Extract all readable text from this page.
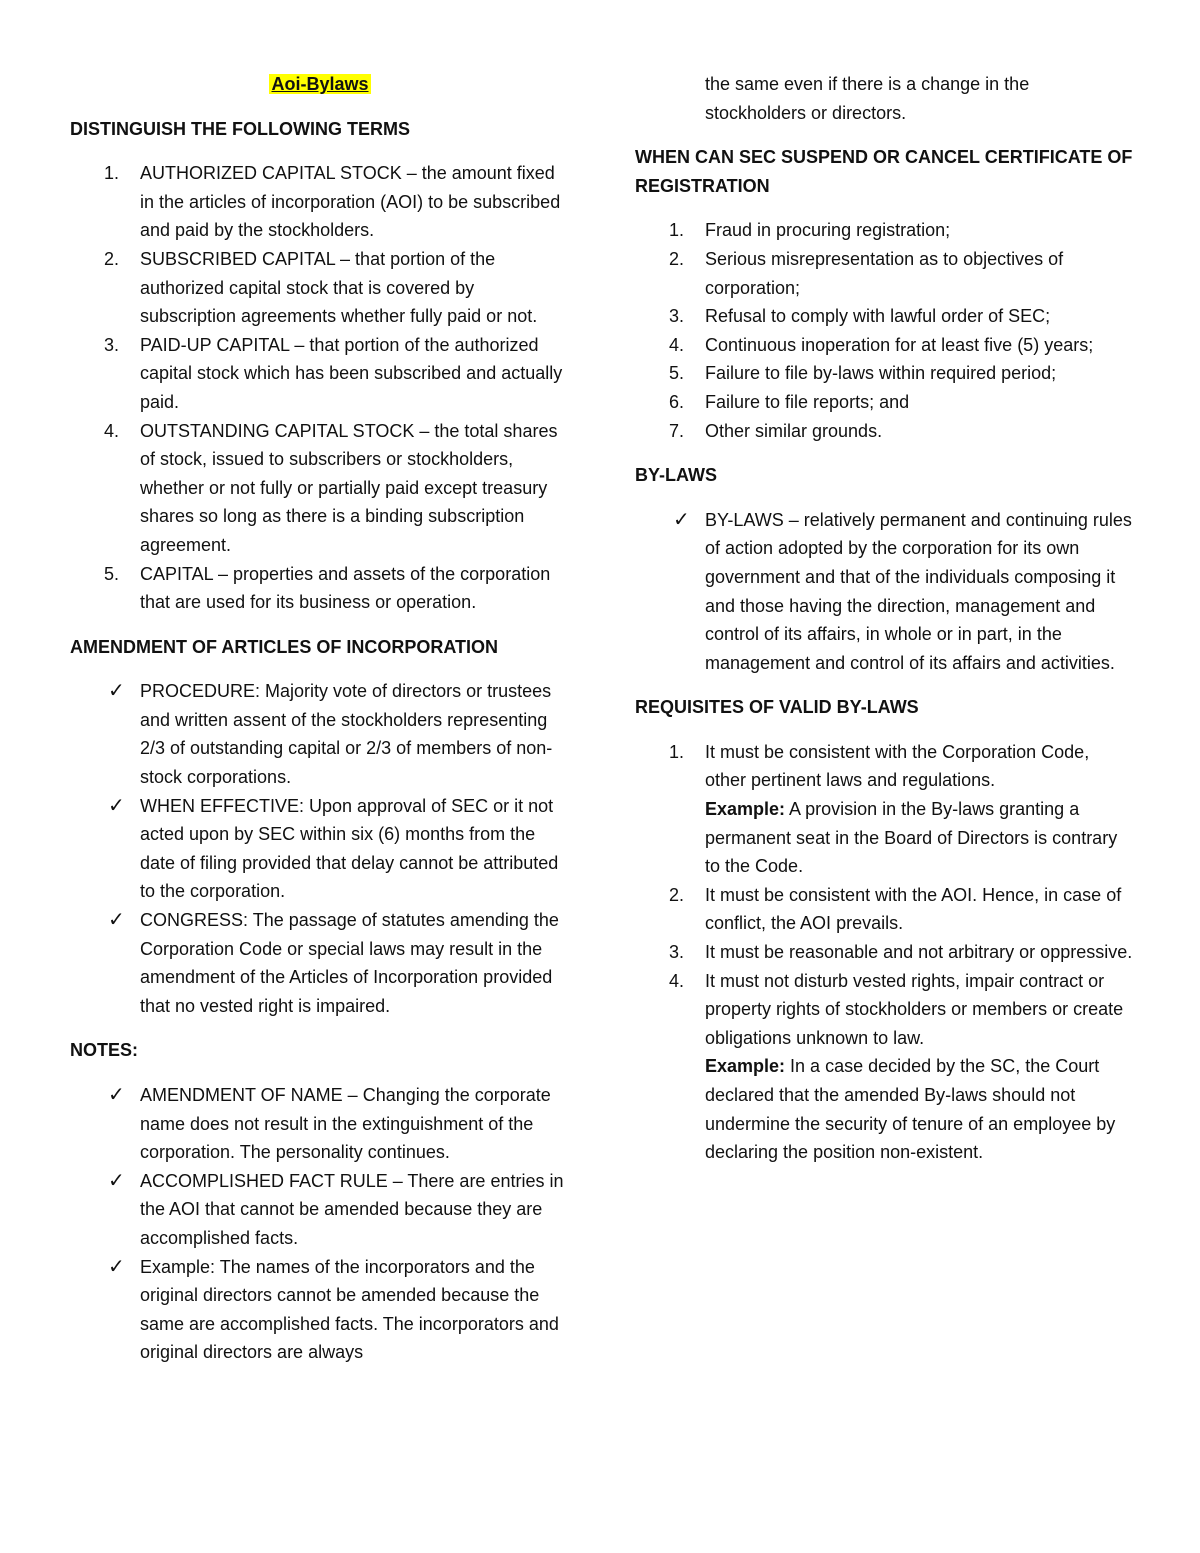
Aoi-Bylaws
DISTINGUISH THE FOLLOWING TERMS
1.	AUTHORIZED CAPITAL STOCK – the amount fixed in the articles of incorporation (AOI) to be subscribed and paid by the stockholders.
2.	SUBSCRIBED CAPITAL – that portion of the authorized capital stock that is covered by subscription agreements whether fully paid or not.
3.	PAID-UP CAPITAL – that portion of the authorized capital stock which has been subscribed and actually paid.
4.	OUTSTANDING CAPITAL STOCK – the total shares of stock, issued to subscribers or stockholders, whether or not fully or partially paid except treasury shares so long as there is a binding subscription agreement.
5.	CAPITAL – properties and assets of the corporation that are used for its business or operation.
AMENDMENT OF ARTICLES OF INCORPORATION
✓ PROCEDURE: Majority vote of directors or trustees and written assent of the stockholders representing 2/3 of outstanding capital or 2/3 of members of non-stock corporations.
✓ WHEN EFFECTIVE: Upon approval of SEC or it not acted upon by SEC within six (6) months from the date of filing provided that delay cannot be attributed to the corporation.
✓ CONGRESS: The passage of statutes amending the Corporation Code or special laws may result in the amendment of the Articles of Incorporation provided that no vested right is impaired.
NOTES:
✓ AMENDMENT OF NAME – Changing the corporate name does not result in the extinguishment of the corporation. The personality continues.
✓ ACCOMPLISHED FACT RULE – There are entries in the AOI that cannot be amended because they are accomplished facts.
✓ Example: The names of the incorporators and the original directors cannot be amended because the same are accomplished facts. The incorporators and original directors are always
the same even if there is a change in the stockholders or directors.
WHEN CAN SEC SUSPEND OR CANCEL CERTIFICATE OF REGISTRATION
1.	Fraud in procuring registration;
2.	Serious misrepresentation as to objectives of corporation;
3.	Refusal to comply with lawful order of SEC;
4.	Continuous inoperation for at least five (5) years;
5.	Failure to file by-laws within required period;
6.	Failure to file reports; and
7.	Other similar grounds.
BY-LAWS
✓ BY-LAWS – relatively permanent and continuing rules of action adopted by the corporation for its own government and that of the individuals composing it and those having the direction, management and control of its affairs, in whole or in part, in the management and control of its affairs and activities.
REQUISITES OF VALID BY-LAWS
1.	It must be consistent with the Corporation Code, other pertinent laws and regulations.
Example: A provision in the By-laws granting a permanent seat in the Board of Directors is contrary to the Code.
2.	It must be consistent with the AOI. Hence, in case of conflict, the AOI prevails.
3.	It must be reasonable and not arbitrary or oppressive.
4.	It must not disturb vested rights, impair contract or property rights of stockholders or members or create obligations unknown to law.
Example: In a case decided by the SC, the Court declared that the amended By-laws should not undermine the security of tenure of an employee by declaring the position non-existent.
